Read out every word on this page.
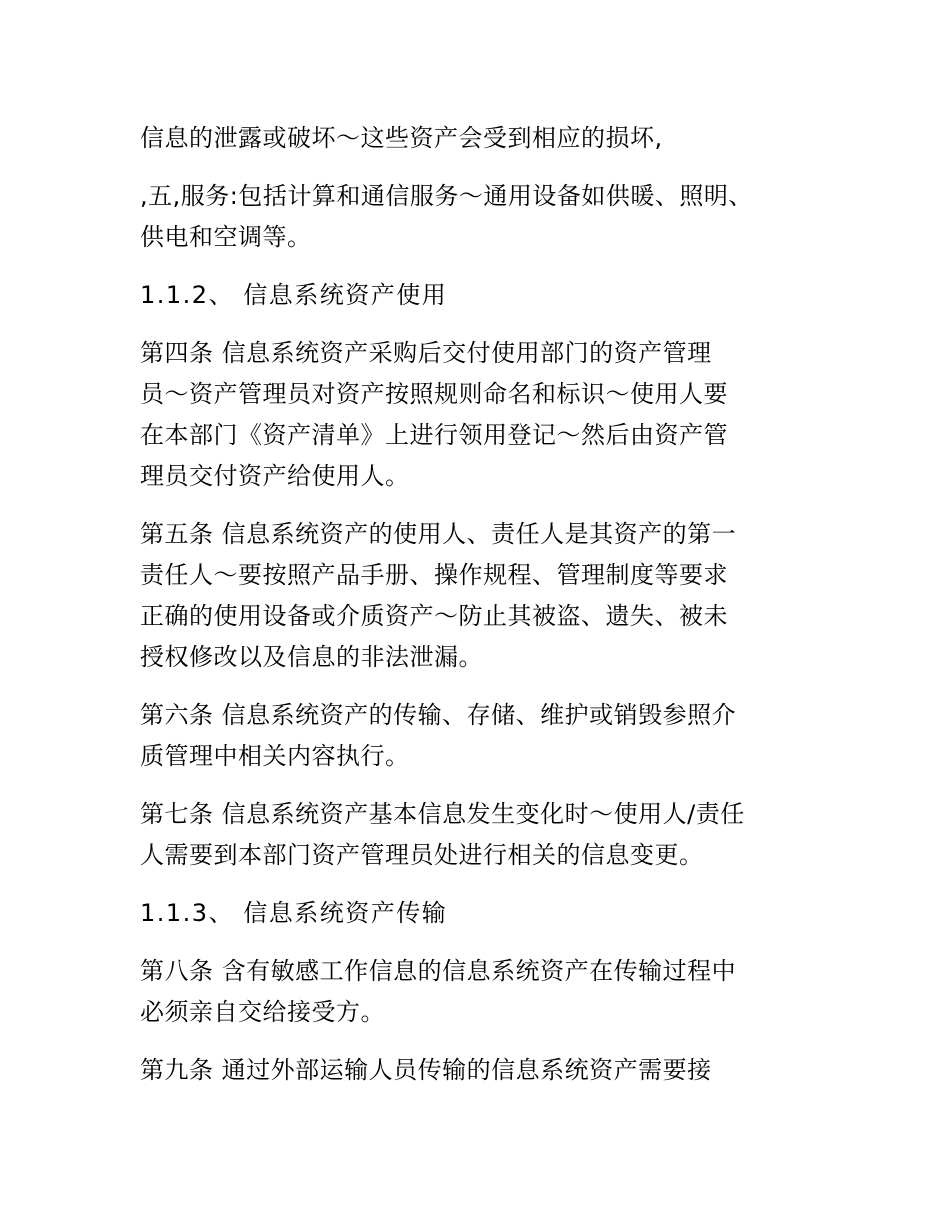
信息的泄露或破坏～这些资产会受到相应的损坏,

,五,服务:包括计算和通信服务～通用设备如供暖、照明、
供电和空调等。

1.1.2、 信息系统资产使用

第四条 信息系统资产采购后交付使用部门的资产管理
员～资产管理员对资产按照规则命名和标识～使用人要
在本部门《资产清单》上进行领用登记～然后由资产管
理员交付资产给使用人。

第五条 信息系统资产的使用人、责任人是其资产的第一
责任人～要按照产品手册、操作规程、管理制度等要求
正确的使用设备或介质资产～防止其被盗、遗失、被未
授权修改以及信息的非法泄漏。

第六条 信息系统资产的传输、存储、维护或销毁参照介
质管理中相关内容执行。

第七条 信息系统资产基本信息发生变化时～使用人/责任
人需要到本部门资产管理员处进行相关的信息变更。

1.1.3、 信息系统资产传输

第八条 含有敏感工作信息的信息系统资产在传输过程中
必须亲自交给接受方。

第九条 通过外部运输人员传输的信息系统资产需要接
